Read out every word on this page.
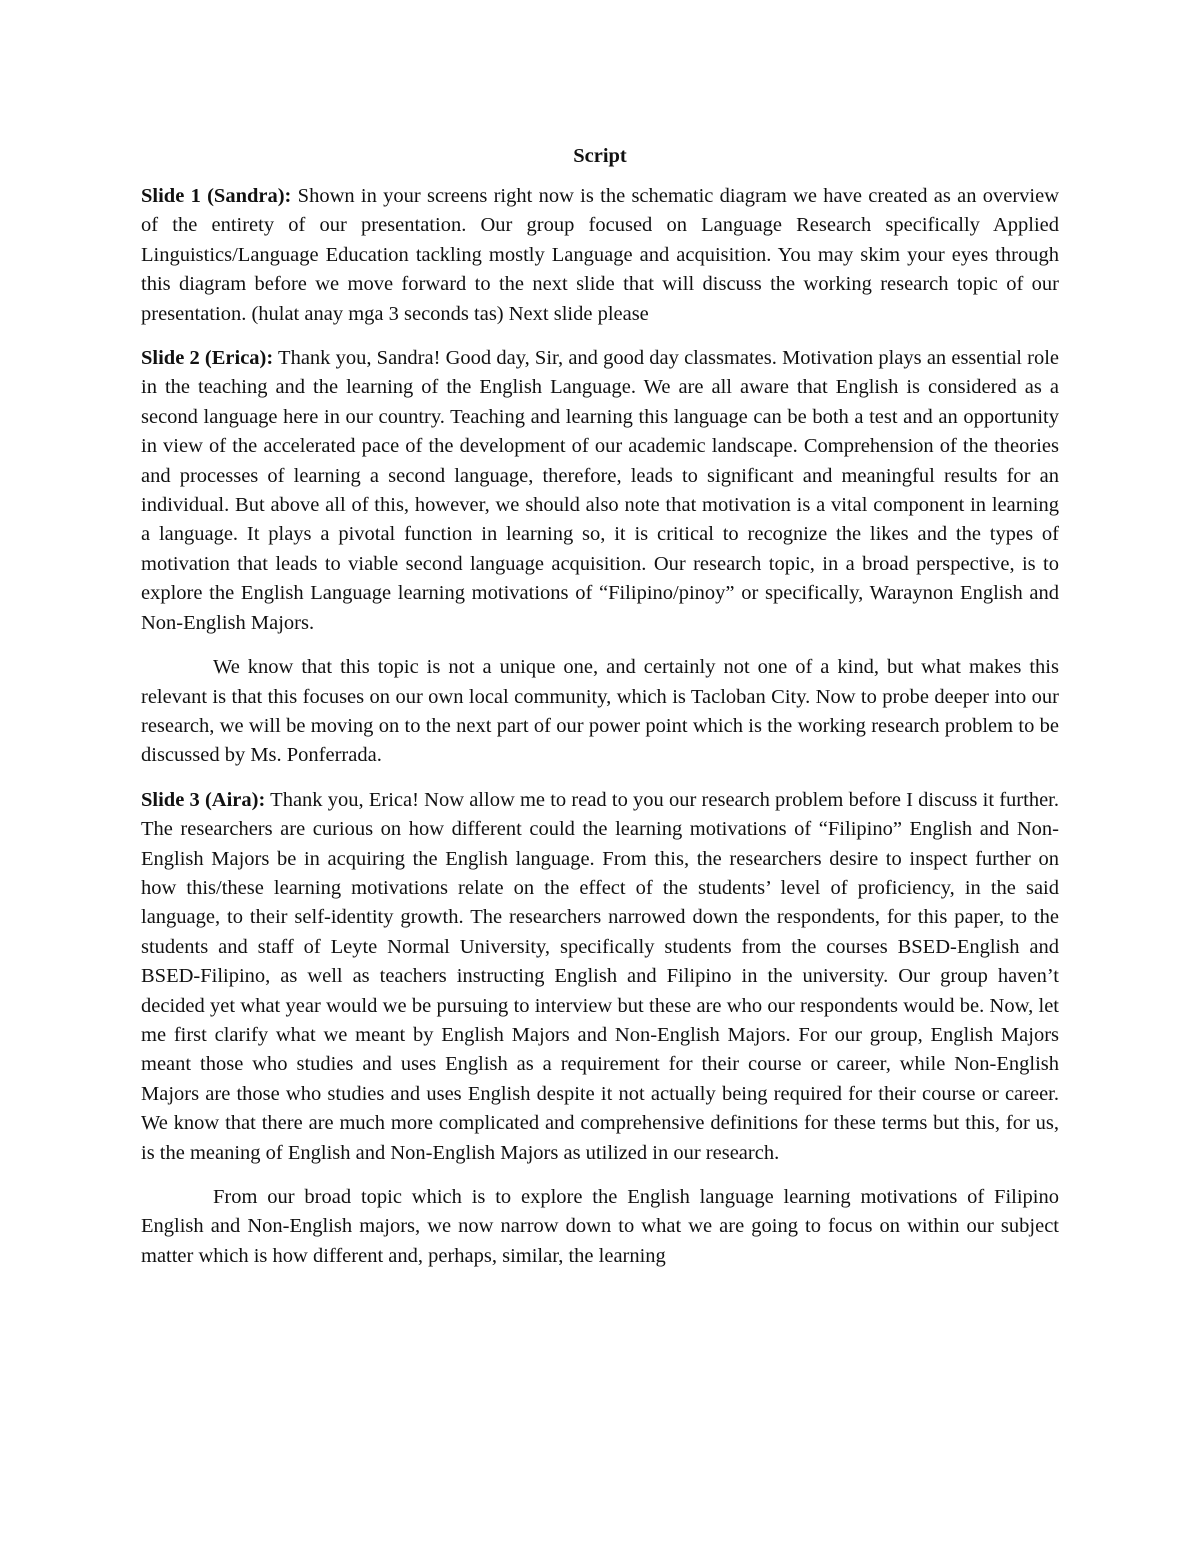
Script

Slide 1 (Sandra): Shown in your screens right now is the schematic diagram we have created as an overview of the entirety of our presentation. Our group focused on Language Research specifically Applied Linguistics/Language Education tackling mostly Language and acquisition. You may skim your eyes through this diagram before we move forward to the next slide that will discuss the working research topic of our presentation. (hulat anay mga 3 seconds tas) Next slide please

Slide 2 (Erica): Thank you, Sandra! Good day, Sir, and good day classmates. Motivation plays an essential role in the teaching and the learning of the English Language. We are all aware that English is considered as a second language here in our country. Teaching and learning this language can be both a test and an opportunity in view of the accelerated pace of the development of our academic landscape. Comprehension of the theories and processes of learning a second language, therefore, leads to significant and meaningful results for an individual. But above all of this, however, we should also note that motivation is a vital component in learning a language. It plays a pivotal function in learning so, it is critical to recognize the likes and the types of motivation that leads to viable second language acquisition. Our research topic, in a broad perspective, is to explore the English Language learning motivations of “Filipino/pinoy” or specifically, Waraynon English and Non-English Majors.

We know that this topic is not a unique one, and certainly not one of a kind, but what makes this relevant is that this focuses on our own local community, which is Tacloban City. Now to probe deeper into our research, we will be moving on to the next part of our power point which is the working research problem to be discussed by Ms. Ponferrada.

Slide 3 (Aira): Thank you, Erica! Now allow me to read to you our research problem before I discuss it further. The researchers are curious on how different could the learning motivations of “Filipino” English and Non-English Majors be in acquiring the English language. From this, the researchers desire to inspect further on how this/these learning motivations relate on the effect of the students’ level of proficiency, in the said language, to their self-identity growth. The researchers narrowed down the respondents, for this paper, to the students and staff of Leyte Normal University, specifically students from the courses BSED-English and BSED-Filipino, as well as teachers instructing English and Filipino in the university. Our group haven’t decided yet what year would we be pursuing to interview but these are who our respondents would be. Now, let me first clarify what we meant by English Majors and Non-English Majors. For our group, English Majors meant those who studies and uses English as a requirement for their course or career, while Non-English Majors are those who studies and uses English despite it not actually being required for their course or career. We know that there are much more complicated and comprehensive definitions for these terms but this, for us, is the meaning of English and Non-English Majors as utilized in our research.

From our broad topic which is to explore the English language learning motivations of Filipino English and Non-English majors, we now narrow down to what we are going to focus on within our subject matter which is how different and, perhaps, similar, the learning
